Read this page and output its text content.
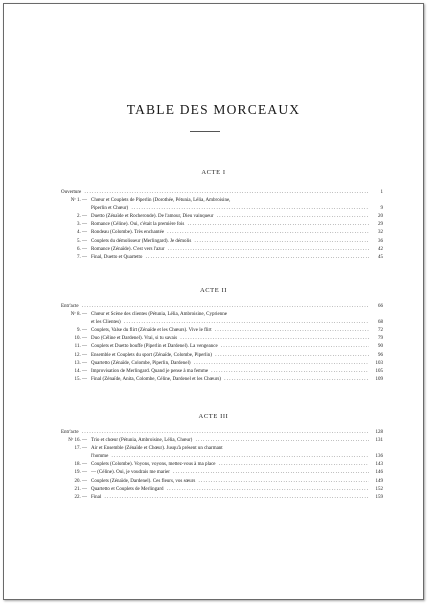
TABLE DES MORCEAUX
ACTE I
Ouverture . . .	1
Nᵒ 1. — Chœur et Couplets de Piperlin (Dorothée, Pétunia, Lélia, Ambroisine,
Piperlin et Chœur) . . .	9
2. — Duetto (Zénaïde et Rocheronde). De l'amour, Dieu vainqueur . . .	20
3. — Romance (Céline). Oui, c'était la première fois . . .	29
4. — Rondeau (Colombe). Très enchantée . . .	32
5. — Couplets du démolisseur (Merlingard). Je démolis . . .	36
6. — Romance (Zénaïde). C'est vers l'azur . . .	42
7. — Final, Duetto et Quartetto . . .	45
ACTE II
Entr'acte . . .	66
Nᵒ 8. — Chœur et Scène des clientes (Pétunia, Lélia, Ambroisine, Cyprienne
et les Clientes) . . .	68
9. — Couplets, Valse du flirt (Zénaïde et les Chœurs). Vive le flirt . . .	72
10. — Duo (Céline et Dardenel). Vrai, si tu savais . . .	79
11. — Couplets et Duetto bouffe (Piperlin et Dardenel). La vengeance . . .	90
12. — Ensemble et Couplets du sport (Zénaïde, Colombe, Piperlin) . . .	96
13. — Quartetto (Zénaïde, Colombe, Piperlin, Dardenel) . . .	103
14. — Improvisation de Merlingard. Quand je pense à ma femme . . .	105
15. — Final (Zénaïde, Anita, Colombe, Céline, Dardenel et les Chœurs) . . .	109
ACTE III
Entr'acte . . .	128
Nᵒ 16. — Trio et chœur (Pétunia, Ambroisine, Lélia, Chœur) . . .	131
17. — Air et Ensemble (Zénaïde et Chœur). Jusqu'à présent un charmant
l'homme . . .	136
18. — Couplets (Colombe). Voyons, voyons, mettez-vous à ma place . . .	143
19. — — (Céline). Oui, je voudrais me marier . . .	146
20. — Couplets (Zénaïde, Dardenel). Ces fleurs, vos sœurs . . .	149
21. — Quartetto et Couplets de Merlingard . . .	152
22. — Final . . .	159
